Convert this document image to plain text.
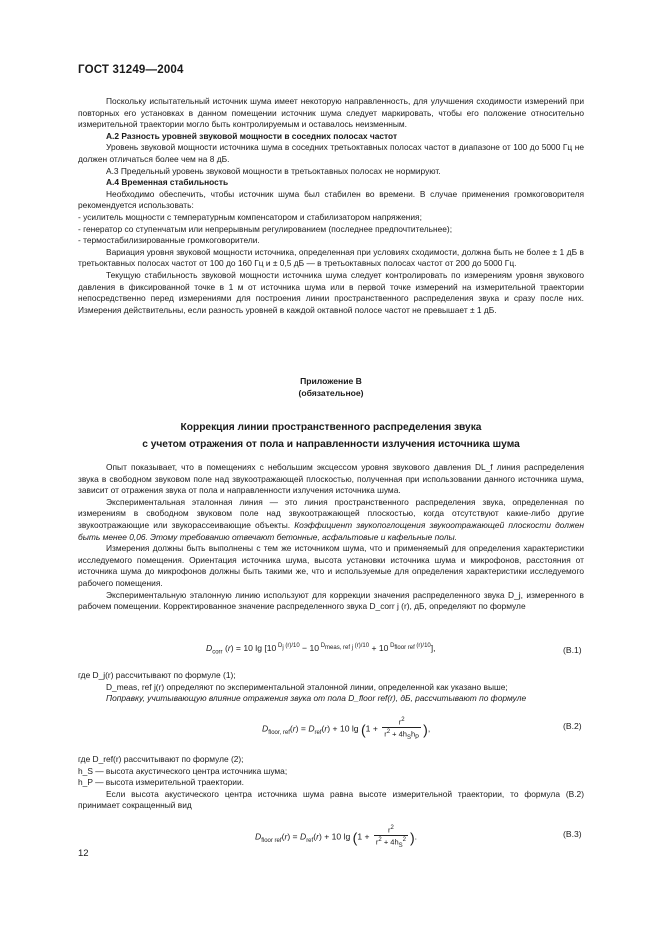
ГОСТ 31249—2004

Поскольку испытательный источник шума имеет некоторую направленность, для улучшения сходимости измерений при повторных его установках в данном помещении источник шума следует маркировать, чтобы его положение относительно измерительной траектории могло быть контролируемым и оставалось неизменным.

А.2 Разность уровней звуковой мощности в соседних полосах частот

Уровень звуковой мощности источника шума в соседних третьоктавных полосах частот в диапазоне от 100 до 5000 Гц не должен отличаться более чем на 8 дБ.

А.3 Предельный уровень звуковой мощности в третьоктавных полосах не нормируют.

А.4 Временная стабильность

Необходимо обеспечить, чтобы источник шума был стабилен во времени. В случае применения громкоговорителя рекомендуется использовать:

- усилитель мощности с температурным компенсатором и стабилизатором напряжения;

- генератор со ступенчатым или непрерывным регулированием (последнее предпочтительнее);

- термостабилизированные громкоговорители.

Вариация уровня звуковой мощности источника, определенная при условиях сходимости, должна быть не более ± 1 дБ в третьоктавных полосах частот от 100 до 160 Гц и ± 0,5 дБ — в третьоктавных полосах частот от 200 до 5000 Гц.

Текущую стабильность звуковой мощности источника шума следует контролировать по измерениям уровня звукового давления в фиксированной точке в 1 м от источника шума или в первой точке измерений на измерительной траектории непосредственно перед измерениями для построения линии пространственного распределения звука и сразу после них. Измерения действительны, если разность уровней в каждой октавной полосе частот не превышает ± 1 дБ.

Приложение В
(обязательное)
Коррекция линии пространственного распределения звука
с учетом отражения от пола и направленности излучения источника шума

Опыт показывает, что в помещениях с небольшим эксцессом уровня звукового давления DL_f линия распределения звука в свободном звуковом поле над звукоотражающей плоскостью, полученная при использовании данного источника шума, зависит от отражения звука от пола и направленности излучения источника шума.

Экспериментальная эталонная линия — это линия пространственного распределения звука, определенная по измерениям в свободном звуковом поле над звукоотражающей плоскостью, когда отсутствуют какие-либо другие звукоотражающие или звукорассеивающие объекты. Коэффициент звукопоглощения звукоотражающей плоскости должен быть менее 0,06. Этому требованию отвечают бетонные, асфальтовые и кафельные полы.

Измерения должны быть выполнены с тем же источником шума, что и применяемый для определения характеристики исследуемого помещения. Ориентация источника шума, высота установки источника шума и микрофонов, расстояния от источника шума до микрофонов должны быть такими же, что и используемые для определения характеристики исследуемого рабочего помещения.

Экспериментальную эталонную линию используют для коррекции значения распределенного звука D_j, измеренного в рабочем помещении. Корректированное значение распределенного звука D_corr j (r), дБ, определяют по формуле

$D_{corr}$ (r) = 10 lg [10 $^{D_j (r)/10}$ − 10 $^{D_{meas, ref j} (r)/10}$ + 10 $^{D_{floor ref} (r)/10}$],	(В.1)

где D_j(r) рассчитывают по формуле (1);

D_meas, ref j(r) определяют по экспериментальной эталонной линии, определенной как указано выше;

Поправку, учитывающую влияние отражения звука от пола D_floor ref(r), дБ, рассчитывают по формуле

$D_{floor, ref}(r) = D_{ref}(r) + 10$ $\lg (1 + \frac{r^2}{r^2 + 4h_Sh_P}$ ),	(В.2)

где D_ref(r) рассчитывают по формуле (2);

h_S — высота акустического центра источника шума;

h_P — высота измерительной траектории.

Если высота акустического центра источника шума равна высоте измерительной траектории, то формула (В.2) принимает сокращенный вид

$D_{floor ref}(r) = D_{ref}(r) + 10$ $\lg (1 + \frac{r^2}{r^2 + 4h_S^2}$ ).	(В.3)
12
